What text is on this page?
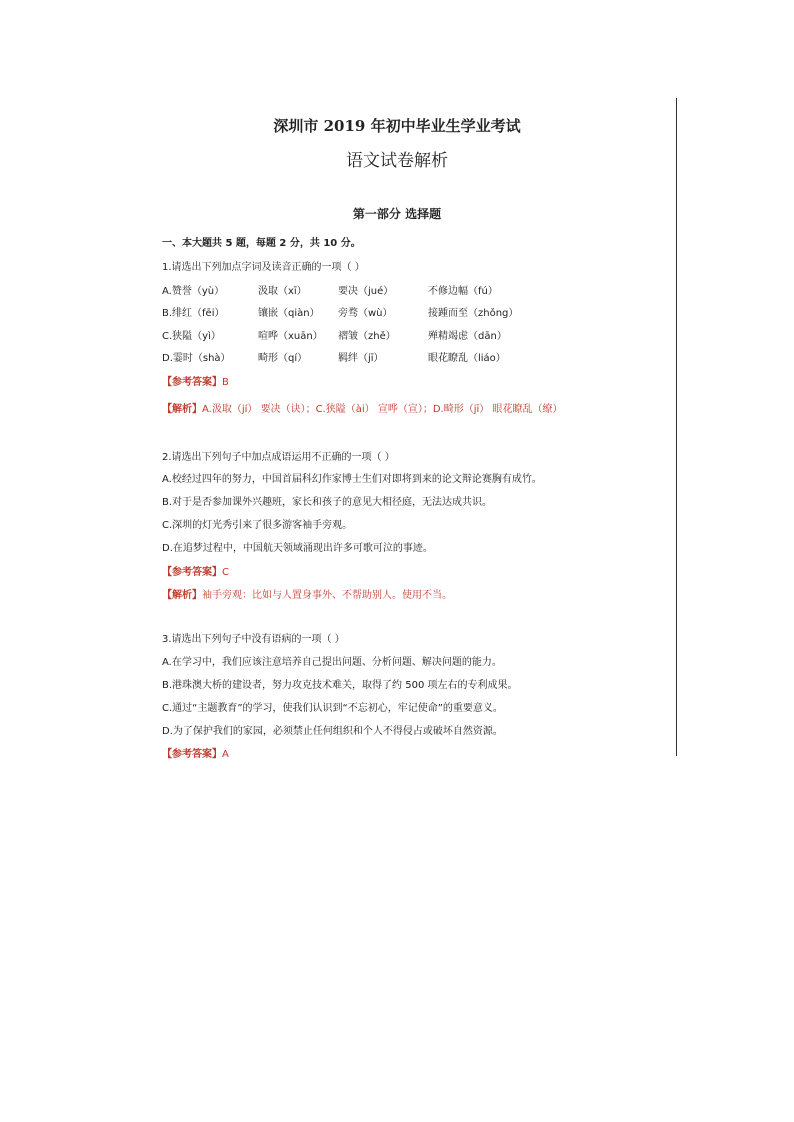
深圳市 2019 年初中毕业生学业考试
语文试卷解析
第一部分 选择题
一、本大题共 5 题，每题 2 分，共 10 分。
1.请选出下列加点字词及读音正确的一项（ ）
A.赞誉（yù）	汲取（xī）	要决（jué）	不修边幅（fú）
B.绯红（fēi）	镶嵌（qiàn） 旁骛（wù）	接踵而至（zhǒng）
C.狭隘（yì）	喧哗（xuān） 褶皱（zhě）	殚精竭虑（dān）
D.霎时（shà）	畸形（qí）	羁绊（jī）	眼花瞭乱（liáo）
【参考答案】B
【解析】A.汲取（jí） 要决（诀）；C.狭隘（ài） 宣哗（宣）；D.畸形（jī） 眼花瞭乱（缭）
2.请选出下列句子中加点成语运用不正确的一项（ ）
A.校经过四年的努力，中国首届科幻作家博士生们对即将到来的论文辩论赛胸有成竹。
B.对于是否参加课外兴趣班，家长和孩子的意见大相径庭，无法达成共识。
C.深圳的灯光秀引来了很多游客袖手旁观。
D.在追梦过程中，中国航天领域涌现出许多可歌可泣的事迹。
【参考答案】C
【解析】袖手旁观：比如与人置身事外、不帮助别人。使用不当。
3.请选出下列句子中没有语病的一项（ ）
A.在学习中，我们应该注意培养自己提出问题、分析问题、解决问题的能力。
B.港珠澳大桥的建设者，努力攻克技术难关，取得了约 500 项左右的专利成果。
C.通过“主题教育”的学习，使我们认识到“不忘初心，牢记使命”的重要意义。
D.为了保护我们的家园，必须禁止任何组织和个人不得侵占或破坏自然资源。
【参考答案】A
